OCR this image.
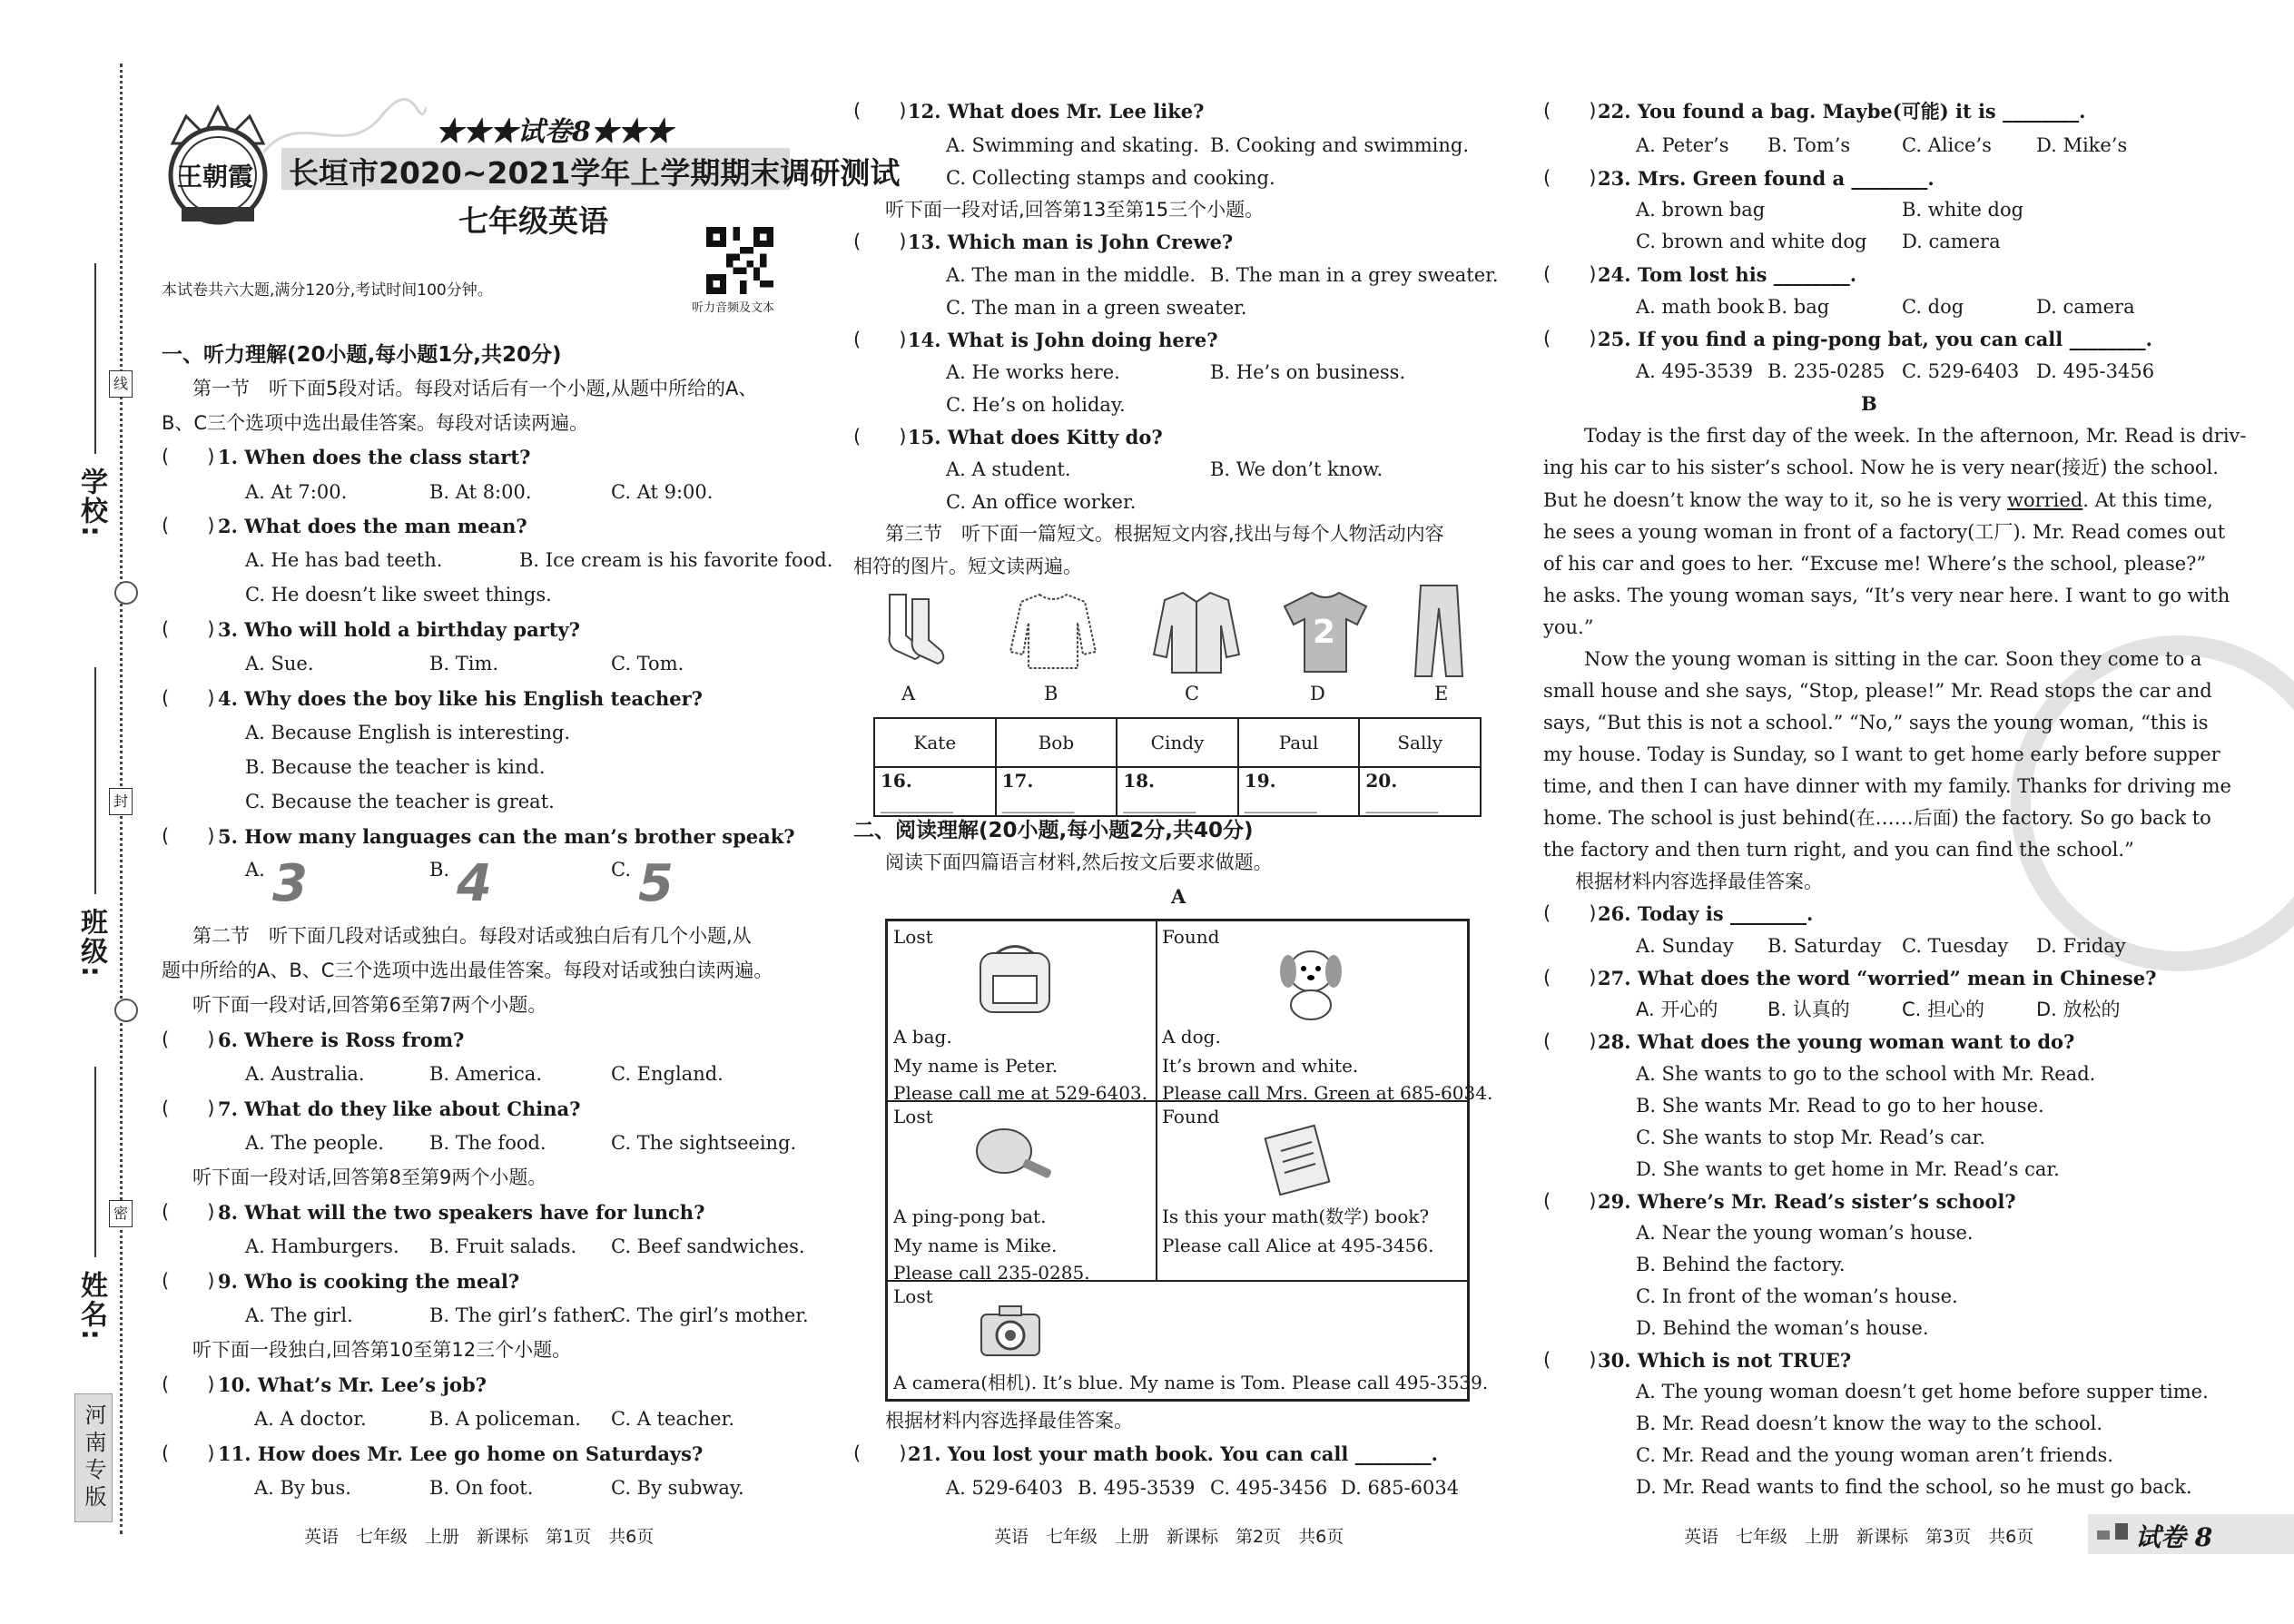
学校:
班级:
姓名:
线
封
密
河南专版
王朝霞
★★★试卷8★★★
长垣市2020~2021学年上学期期末调研测试
七年级英语
本试卷共六大题,满分120分,考试时间100分钟。
听力音频及文本
一、听力理解(20小题,每小题1分,共20分)
第一节　听下面5段对话。每段对话后有一个小题,从题中所给的A、
B、C三个选项中选出最佳答案。每段对话读两遍。
(　　) 1. When does the class start?
A. At 7:00.	B. At 8:00.	C. At 9:00.
(　　) 2. What does the man mean?
A. He has bad teeth.	B. Ice cream is his favorite food.
C. He doesn’t like sweet things.
(　　) 3. Who will hold a birthday party?
A. Sue.	B. Tim.	C. Tom.
(　　) 4. Why does the boy like his English teacher?
A. Because English is interesting.
B. Because the teacher is kind.
C. Because the teacher is great.
(　　) 5. How many languages can the man’s brother speak?
A. 3	B. 4	C. 5
第二节　听下面几段对话或独白。每段对话或独白后有几个小题,从
题中所给的A、B、C三个选项中选出最佳答案。每段对话或独白读两遍。
听下面一段对话,回答第6至第7两个小题。
(　　) 6. Where is Ross from?
A. Australia.	B. America.	C. England.
(　　) 7. What do they like about China?
A. The people. B. The food.	C. The sightseeing.
听下面一段对话,回答第8至第9两个小题。
(　　) 8. What will the two speakers have for lunch?
A. Hamburgers. B. Fruit salads. C. Beef sandwiches.
(　　) 9. Who is cooking the meal?
A. The girl.	B. The girl’s father.
C. The girl’s mother.
听下面一段独白,回答第10至第12三个小题。
(　　) 10. What’s Mr. Lee’s job?
A. A doctor.	B. A policeman. C. A teacher.
(　　) 11. How does Mr. Lee go home on Saturdays?
A. By bus.	B. On foot.	C. By subway.
英语　七年级　上册　新课标　第1页　共6页
(　　) 12. What does Mr. Lee like?
A. Swimming and skating. B. Cooking and swimming.
C. Collecting stamps and cooking.
听下面一段对话,回答第13至第15三个小题。
(　　) 13. Which man is John Crewe?
A. The man in the middle. B. The man in a grey sweater.
C. The man in a green sweater.
(　　) 14. What is John doing here?
A. He works here.	B. He’s on business.
C. He’s on holiday.
(　　) 15. What does Kitty do?
A. A student.	B. We don’t know.
C. An office worker.
第三节　听下面一篇短文。根据短文内容,找出与每个人物活动内容
相符的图片。短文读两遍。
2
A	B	C	D	E
Kate	Bob	Cindy	Paul	Sally
16. ________	17. ________	18. ________	19. ________	20. ________
二、阅读理解(20小题,每小题2分,共40分)
阅读下面四篇语言材料,然后按文后要求做题。
A
Lost
A bag.
My name is Peter.
Please call me at 529-6403.
Found
A dog.
It’s brown and white.
Please call Mrs. Green at 685-6034.
Lost
A ping-pong bat.
My name is Mike.
Please call 235-0285.
Found
Is this your math(数学) book?
Please call Alice at 495-3456.
Lost
A camera(相机). It’s blue. My name is Tom. Please call 495-3539.
根据材料内容选择最佳答案。
(　　) 21. You lost your math book. You can call ________.
A. 529-6403 B. 495-3539 C. 495-3456 D. 685-6034
英语　七年级　上册　新课标　第2页　共6页
(　　) 22. You found a bag. Maybe(可能) it is ________.
A. Peter’s B. Tom’s	C. Alice’s D. Mike’s
(　　) 23. Mrs. Green found a ________.
A. brown bag	B. white dog
C. brown and white dog D. camera
(　　) 24. Tom lost his ________.
A. math book B. bag	C. dog	D. camera
(　　) 25. If you find a ping-pong bat, you can call ________.
A. 495-3539 B. 235-0285 C. 529-6403 D. 495-3456
B
Today is the first day of the week. In the afternoon, Mr. Read is driv-
ing his car to his sister’s school. Now he is very near(接近) the school.
But he doesn’t know the way to it, so he is very worried. At this time,
he sees a young woman in front of a factory(工厂). Mr. Read comes out
of his car and goes to her. “Excuse me! Where’s the school, please?”
he asks. The young woman says, “It’s very near here. I want to go with
you.”
Now the young woman is sitting in the car. Soon they come to a
small house and she says, “Stop, please!” Mr. Read stops the car and
says, “But this is not a school.” “No,” says the young woman, “this is
my house. Today is Sunday, so I want to get home early before supper
time, and then I can have dinner with my family. Thanks for driving me
home. The school is just behind(在……后面) the factory. So go back to
the factory and then turn right, and you can find the school.”
根据材料内容选择最佳答案。
(　　) 26. Today is ________.
A. Sunday B. Saturday C. Tuesday D. Friday
(　　) 27. What does the word “worried” mean in Chinese?
A. 开心的	B. 认真的	C. 担心的	D. 放松的
(　　) 28. What does the young woman want to do?
A. She wants to go to the school with Mr. Read.
B. She wants Mr. Read to go to her house.
C. She wants to stop Mr. Read’s car.
D. She wants to get home in Mr. Read’s car.
(　　) 29. Where’s Mr. Read’s sister’s school?
A. Near the young woman’s house.
B. Behind the factory.
C. In front of the woman’s house.
D. Behind the woman’s house.
(　　) 30. Which is not TRUE?
A. The young woman doesn’t get home before supper time.
B. Mr. Read doesn’t know the way to the school.
C. Mr. Read and the young woman aren’t friends.
D. Mr. Read wants to find the school, so he must go back.
英语　七年级　上册　新课标　第3页　共6页	试卷 8
